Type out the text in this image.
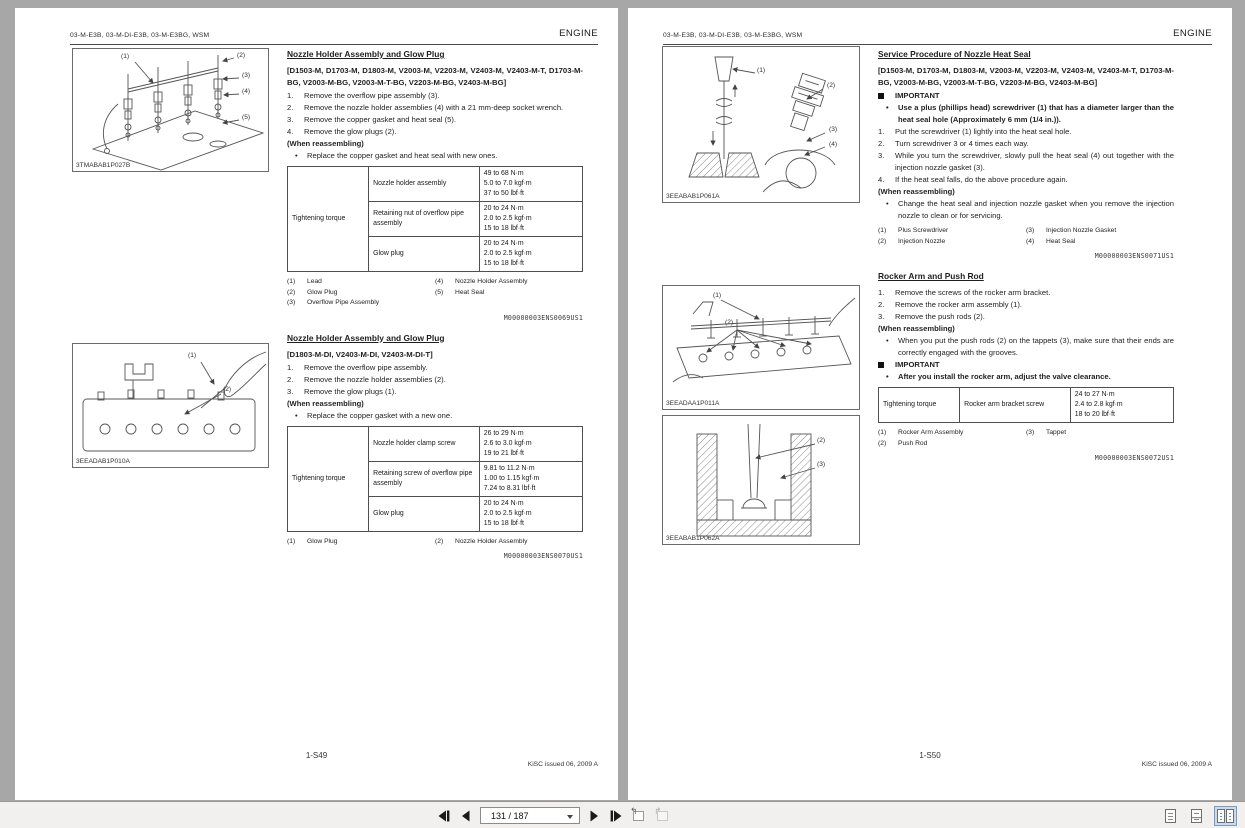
03-M-E3B, 03-M-DI-E3B, 03-M-E3BG, WSM	ENGINE
(1)	(2)
(3)
(4)
(5)
3TMABAB1P027B
(1)
(2)
3EEADAB1P010A
Nozzle Holder Assembly and Glow Plug

[D1503-M, D1703-M, D1803-M, V2003-M, V2203-M, V2403-M, V2403-M-T, D1703-M-BG, V2003-M-BG, V2003-M-T-BG, V2203-M-BG, V2403-M-BG]

Remove the overflow pipe assembly (3).
Remove the nozzle holder assemblies (4) with a 21 mm-deep socket wrench.
Remove the copper gasket and heat seal (5).
Remove the glow plugs (2).
(When reassembling)
• Replace the copper gasket and heat seal with new ones.
Tightening torque	Nozzle holder assembly	49 to 68 N·m
5.0 to 7.0 kgf·m
37 to 50 lbf·ft

	Retaining nut of overflow pipe assembly	20 to 24 N·m
2.0 to 2.5 kgf·m
15 to 18 lbf·ft

	Glow plug	20 to 24 N·m
2.0 to 2.5 kgf·m
15 to 18 lbf·ft
(1)	Lead
(2)	Glow Plug
(3)	Overflow Pipe Assembly
(4)	Nozzle Holder Assembly
(5)	Heat Seal
M00000003ENS0069US1
Nozzle Holder Assembly and Glow Plug

[D1803-M-DI, V2403-M-DI, V2403-M-DI-T]

Remove the overflow pipe assembly.
Remove the nozzle holder assemblies (2).
Remove the glow plugs (1).
(When reassembling)
• Replace the copper gasket with a new one.
Tightening torque	Nozzle holder clamp screw	26 to 29 N·m
2.6 to 3.0 kgf·m
19 to 21 lbf·ft

	Retaining screw of overflow pipe assembly	9.81 to 11.2 N·m
1.00 to 1.15 kgf·m
7.24 to 8.31 lbf·ft

	Glow plug	20 to 24 N·m
2.0 to 2.5 kgf·m
15 to 18 lbf·ft
(1)	Glow Plug	(2)	Nozzle Holder Assembly
M00000003ENS0070US1
1-S49
KiSC issued 06, 2009 A
03-M-E3B, 03-M-DI-E3B, 03-M-E3BG, WSM	ENGINE
(1)
(2)
(3)
(4)
3EEABAB1P061A
(1)
(2)
3EEADAA1P011A
(2)
(3)
3EEABAB1P062A
Service Procedure of Nozzle Heat Seal

[D1503-M, D1703-M, D1803-M, V2003-M, V2203-M, V2403-M, V2403-M-T, D1703-M-BG, V2003-M-BG, V2003-M-T-BG, V2203-M-BG, V2403-M-BG]

IMPORTANT
• Use a plus (phillips head) screwdriver (1) that has a diameter larger than the heat seal hole (Approximately 6 mm (1/4 in.)).
Put the screwdriver (1) lightly into the heat seal hole.
Turn screwdriver 3 or 4 times each way.
While you turn the screwdriver, slowly pull the heat seal (4) out together with the injection nozzle gasket (3).
If the heat seal falls, do the above procedure again.
(When reassembling)
• Change the heat seal and injection nozzle gasket when you remove the injection nozzle to clean or for servicing.
(1)	Plus Screwdriver
(2)	Injection Nozzle
(3)	Injection Nozzle Gasket
(4)	Heat Seal
M00000003ENS0071US1
Rocker Arm and Push Rod
Remove the screws of the rocker arm bracket.
Remove the rocker arm assembly (1).
Remove the push rods (2).
(When reassembling)
• When you put the push rods (2) on the tappets (3), make sure that their ends are correctly engaged with the grooves.
IMPORTANT
• After you install the rocker arm, adjust the valve clearance.
Tightening torque	Rocker arm bracket screw	
24 to 27 N·m
2.4 to 2.8 kgf·m
18 to 20 lbf·ft
(1)	Rocker Arm Assembly
(2)	Push Rod
(3)	Tappet
M00000003ENS0072US1
1-S50
KiSC issued 06, 2009 A
131 / 187	↰ ↱
